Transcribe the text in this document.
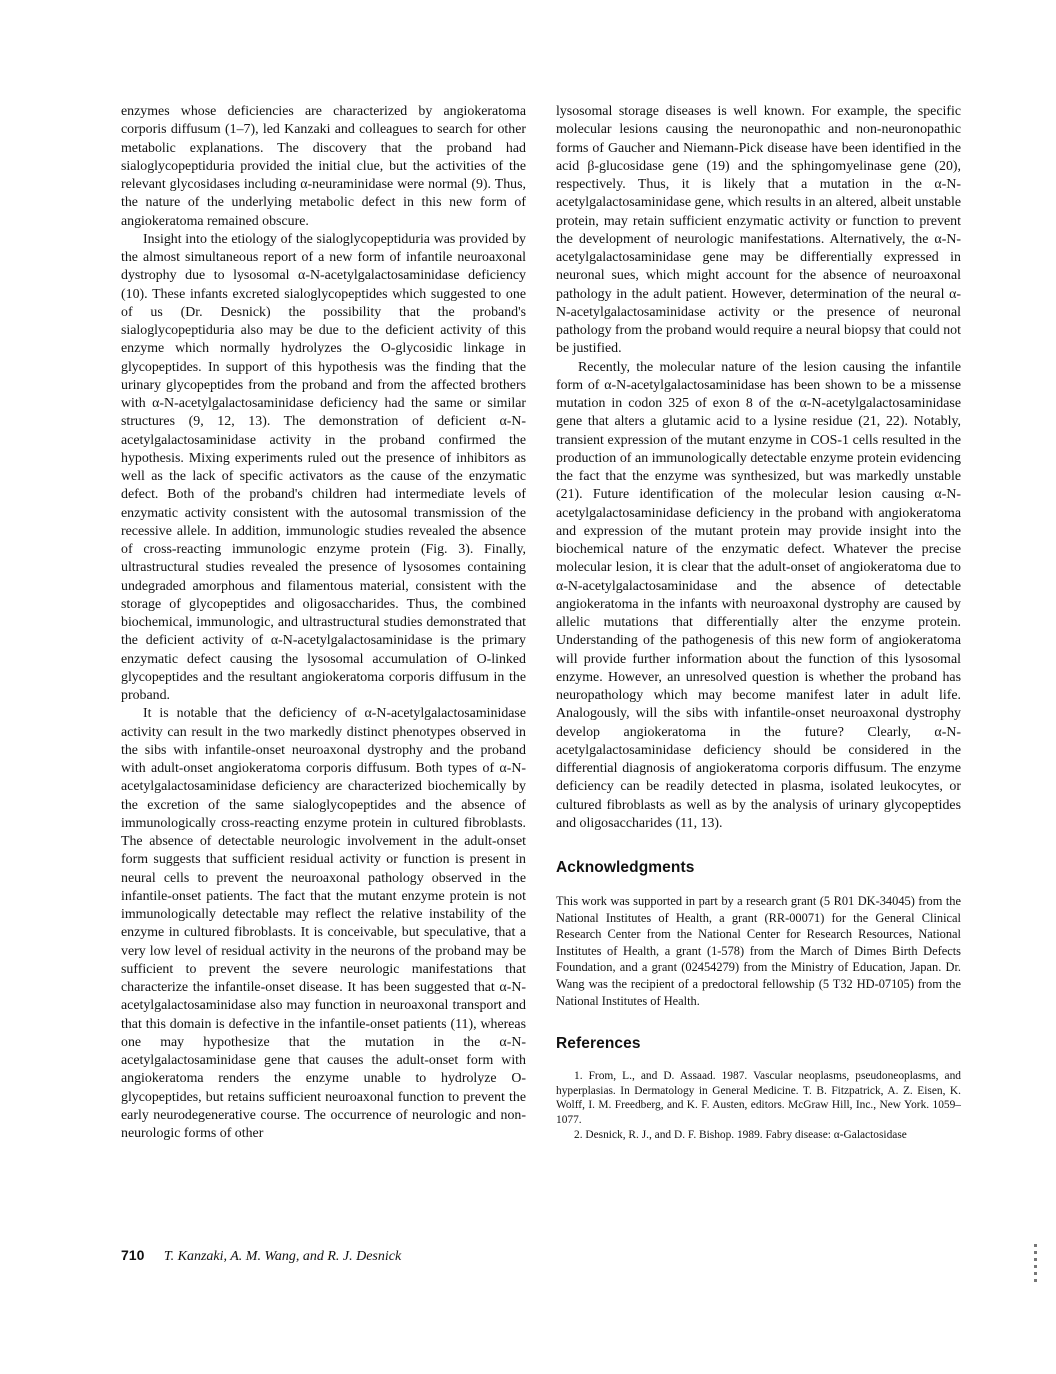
enzymes whose deficiencies are characterized by angiokeratoma corporis diffusum (1–7), led Kanzaki and colleagues to search for other metabolic explanations. The discovery that the proband had sialoglycopeptiduria provided the initial clue, but the activities of the relevant glycosidases including α-neuraminidase were normal (9). Thus, the nature of the underlying metabolic defect in this new form of angiokeratoma remained obscure.

Insight into the etiology of the sialoglycopeptiduria was provided by the almost simultaneous report of a new form of infantile neuroaxonal dystrophy due to lysosomal α-N-acetylgalactosaminidase deficiency (10). These infants excreted sialoglycopeptides which suggested to one of us (Dr. Desnick) the possibility that the proband's sialoglycopeptiduria also may be due to the deficient activity of this enzyme which normally hydrolyzes the O-glycosidic linkage in glycopeptides. In support of this hypothesis was the finding that the urinary glycopeptides from the proband and from the affected brothers with α-N-acetylgalactosaminidase deficiency had the same or similar structures (9, 12, 13). The demonstration of deficient α-N-acetylgalactosaminidase activity in the proband confirmed the hypothesis. Mixing experiments ruled out the presence of inhibitors as well as the lack of specific activators as the cause of the enzymatic defect. Both of the proband's children had intermediate levels of enzymatic activity consistent with the autosomal transmission of the recessive allele. In addition, immunologic studies revealed the absence of cross-reacting immunologic enzyme protein (Fig. 3). Finally, ultrastructural studies revealed the presence of lysosomes containing undegraded amorphous and filamentous material, consistent with the storage of glycopeptides and oligosaccharides. Thus, the combined biochemical, immunologic, and ultrastructural studies demonstrated that the deficient activity of α-N-acetylgalactosaminidase is the primary enzymatic defect causing the lysosomal accumulation of O-linked glycopeptides and the resultant angiokeratoma corporis diffusum in the proband.

It is notable that the deficiency of α-N-acetylgalactosaminidase activity can result in the two markedly distinct phenotypes observed in the sibs with infantile-onset neuroaxonal dystrophy and the proband with adult-onset angiokeratoma corporis diffusum. Both types of α-N-acetylgalactosaminidase deficiency are characterized biochemically by the excretion of the same sialoglycopeptides and the absence of immunologically cross-reacting enzyme protein in cultured fibroblasts. The absence of detectable neurologic involvement in the adult-onset form suggests that sufficient residual activity or function is present in neural cells to prevent the neuroaxonal pathology observed in the infantile-onset patients. The fact that the mutant enzyme protein is not immunologically detectable may reflect the relative instability of the enzyme in cultured fibroblasts. It is conceivable, but speculative, that a very low level of residual activity in the neurons of the proband may be sufficient to prevent the severe neurologic manifestations that characterize the infantile-onset disease. It has been suggested that α-N-acetylgalactosaminidase also may function in neuroaxonal transport and that this domain is defective in the infantile-onset patients (11), whereas one may hypothesize that the mutation in the α-N-acetylgalactosaminidase gene that causes the adult-onset form with angiokeratoma renders the enzyme unable to hydrolyze O-glycopeptides, but retains sufficient neuroaxonal function to prevent the early neurodegenerative course. The occurrence of neurologic and non-neurologic forms of other

lysosomal storage diseases is well known. For example, the specific molecular lesions causing the neuronopathic and non-neuronopathic forms of Gaucher and Niemann-Pick disease have been identified in the acid β-glucosidase gene (19) and the sphingomyelinase gene (20), respectively. Thus, it is likely that a mutation in the α-N-acetylgalactosaminidase gene, which results in an altered, albeit unstable protein, may retain sufficient enzymatic activity or function to prevent the development of neurologic manifestations. Alternatively, the α-N-acetylgalactosaminidase gene may be differentially expressed in neuronal sues, which might account for the absence of neuroaxonal pathology in the adult patient. However, determination of the neural α-N-acetylgalactosaminidase activity or the presence of neuronal pathology from the proband would require a neural biopsy that could not be justified.

Recently, the molecular nature of the lesion causing the infantile form of α-N-acetylgalactosaminidase has been shown to be a missense mutation in codon 325 of exon 8 of the α-N-acetylgalactosaminidase gene that alters a glutamic acid to a lysine residue (21, 22). Notably, transient expression of the mutant enzyme in COS-1 cells resulted in the production of an immunologically detectable enzyme protein evidencing the fact that the enzyme was synthesized, but was markedly unstable (21). Future identification of the molecular lesion causing α-N-acetylgalactosaminidase deficiency in the proband with angiokeratoma and expression of the mutant protein may provide insight into the biochemical nature of the enzymatic defect. Whatever the precise molecular lesion, it is clear that the adult-onset of angiokeratoma due to α-N-acetylgalactosaminidase and the absence of detectable angiokeratoma in the infants with neuroaxonal dystrophy are caused by allelic mutations that differentially alter the enzyme protein. Understanding of the pathogenesis of this new form of angiokeratoma will provide further information about the function of this lysosomal enzyme. However, an unresolved question is whether the proband has neuropathology which may become manifest later in adult life. Analogously, will the sibs with infantile-onset neuroaxonal dystrophy develop angiokeratoma in the future? Clearly, α-N-acetylgalactosaminidase deficiency should be considered in the differential diagnosis of angiokeratoma corporis diffusum. The enzyme deficiency can be readily detected in plasma, isolated leukocytes, or cultured fibroblasts as well as by the analysis of urinary glycopeptides and oligosaccharides (11, 13).

Acknowledgments

This work was supported in part by a research grant (5 R01 DK-34045) from the National Institutes of Health, a grant (RR-00071) for the General Clinical Research Center from the National Center for Research Resources, National Institutes of Health, a grant (1-578) from the March of Dimes Birth Defects Foundation, and a grant (02454279) from the Ministry of Education, Japan. Dr. Wang was the recipient of a predoctoral fellowship (5 T32 HD-07105) from the National Institutes of Health.

References
1. From, L., and D. Assaad. 1987. Vascular neoplasms, pseudoneoplasms, and hyperplasias. In Dermatology in General Medicine. T. B. Fitzpatrick, A. Z. Eisen, K. Wolff, I. M. Freedberg, and K. F. Austen, editors. McGraw Hill, Inc., New York. 1059–1077.
2. Desnick, R. J., and D. F. Bishop. 1989. Fabry disease: α-Galactosidase
710 T. Kanzaki, A. M. Wang, and R. J. Desnick
